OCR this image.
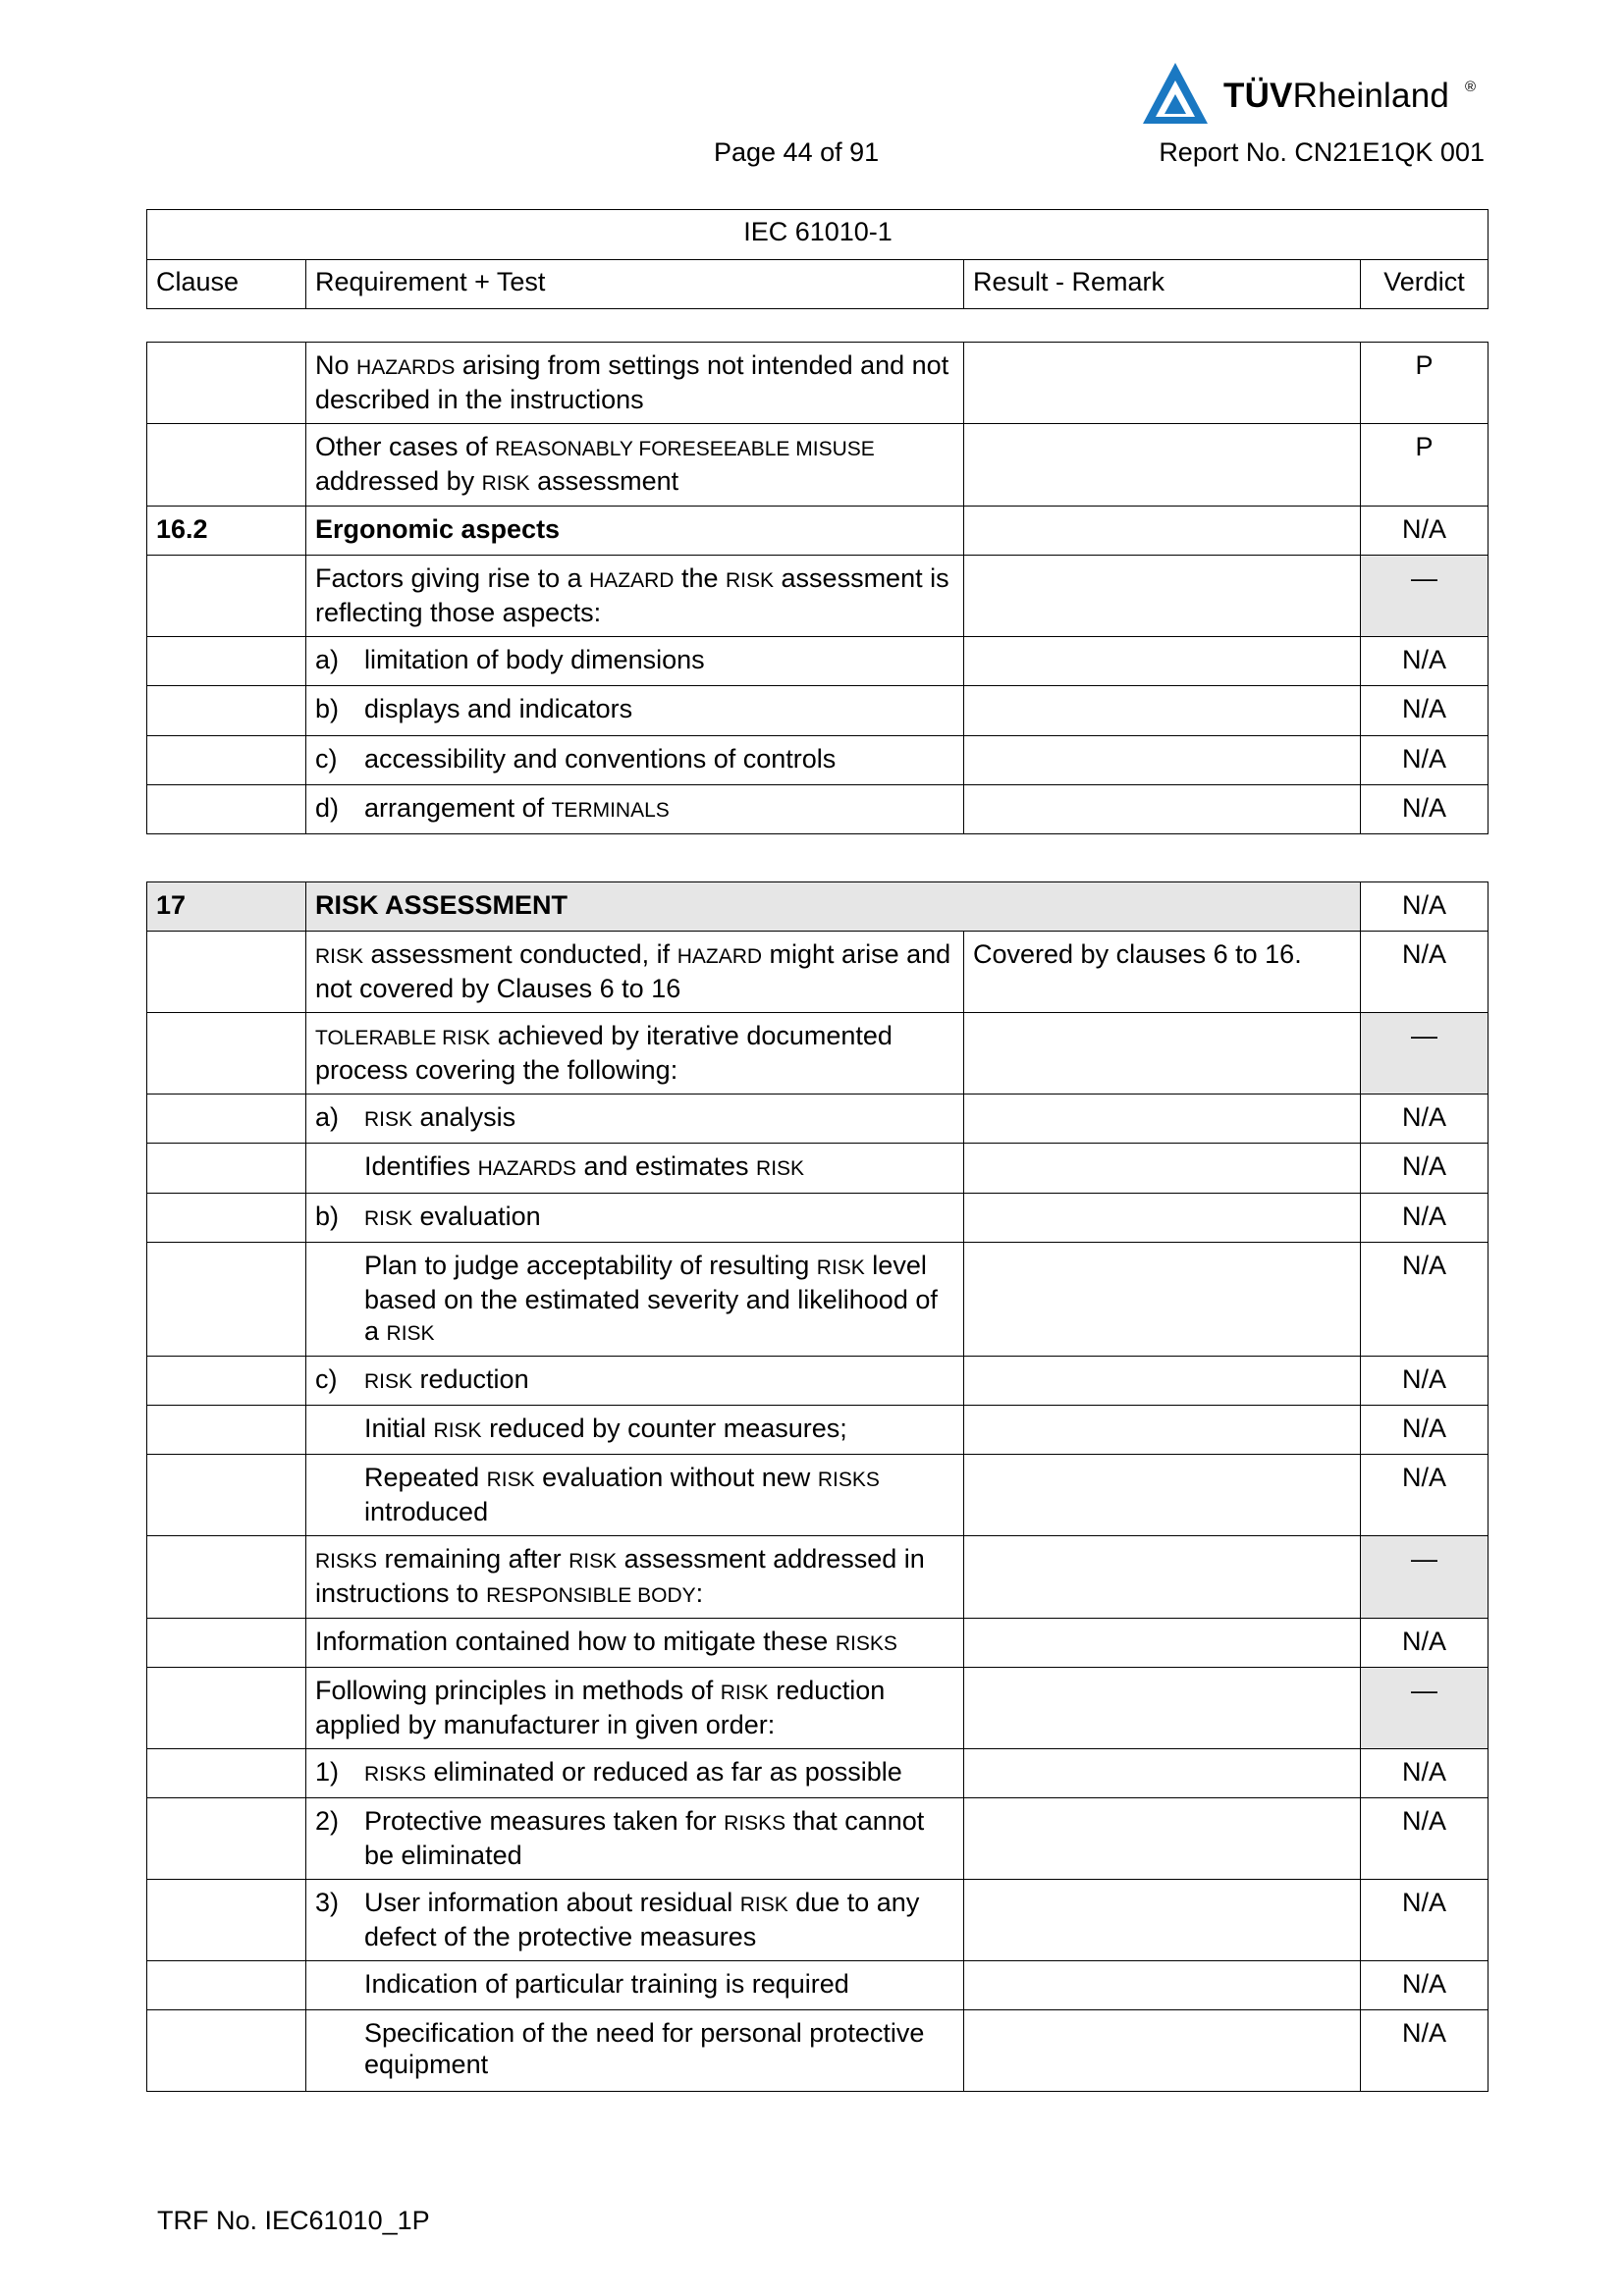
TÜVRheinland ®
Page 44 of 91	Report No. CN21E1QK 001
IEC 61010-1
Clause	Requirement + Test	Result - Remark	Verdict
	No HAZARDS arising from settings not intended and not described in the instructions		P
	Other cases of REASONABLY FORESEEABLE MISUSE addressed by RISK assessment		P
16.2	Ergonomic aspects		N/A
	Factors giving rise to a HAZARD the RISK assessment is reflecting those aspects:		—

	a) limitation of body dimensions		N/A

	b) displays and indicators		N/A

	c) accessibility and conventions of controls		N/A

	d) arrangement of TERMINALS		N/A
17	RISK ASSESSMENT		N/A
	RISK assessment conducted, if HAZARD might arise and not covered by Clauses 6 to 16	Covered by clauses 6 to 16.	N/A
	TOLERABLE RISK achieved by iterative documented process covering the following:		—

	a) RISK analysis		N/A

	Identifies HAZARDS and estimates RISK		N/A

	b) RISK evaluation		N/A

	Plan to judge acceptability of resulting RISK level based on the estimated severity and likelihood of a RISK		N/A

	c) RISK reduction		N/A

	Initial RISK reduced by counter measures;		N/A

	Repeated RISK evaluation without new RISKS introduced		N/A
	RISKS remaining after RISK assessment addressed in instructions to RESPONSIBLE BODY:		—
	Information contained how to mitigate these RISKS		N/A
	Following principles in methods of RISK reduction applied by manufacturer in given order:		—

	1) RISKS eliminated or reduced as far as possible		N/A

	2) Protective measures taken for RISKS that cannot be eliminated		N/A

	3) User information about residual RISK due to any defect of the protective measures		N/A

	Indication of particular training is required		N/A

	Specification of the need for personal protective equipment		N/A
TRF No. IEC61010_1P
